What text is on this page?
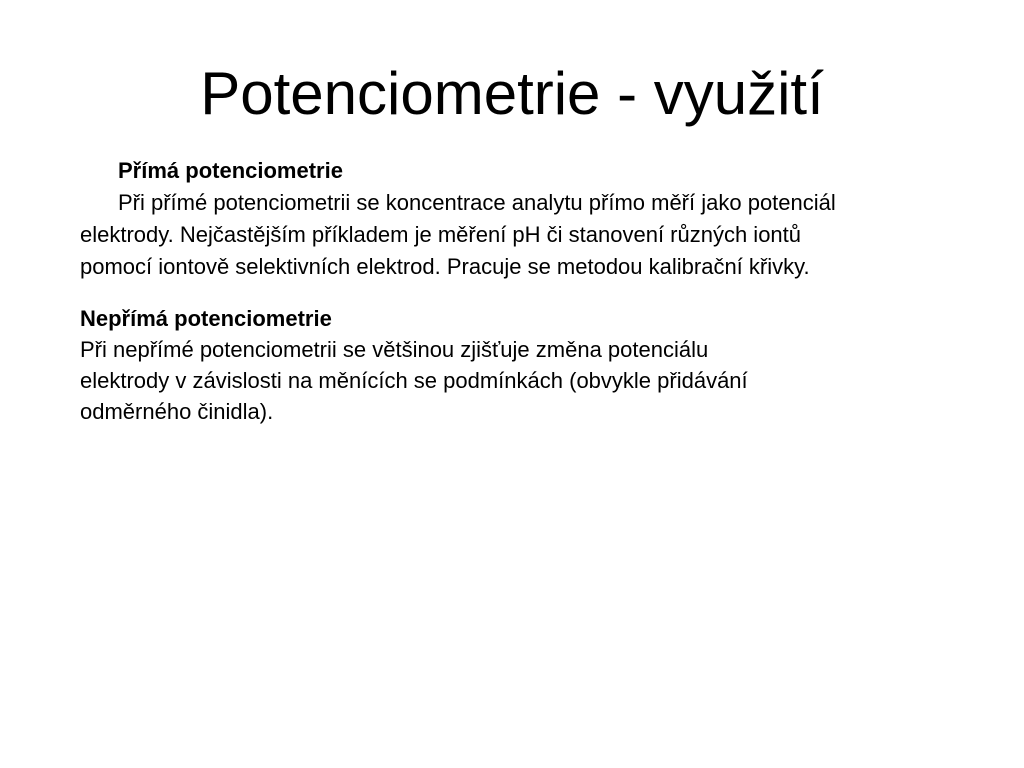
Potenciometrie - využití
Přímá potenciometrie
Při přímé potenciometrii se koncentrace analytu přímo měří jako potenciál
elektrody. Nejčastějším příkladem je měření pH či stanovení různých iontů
pomocí iontově selektivních elektrod. Pracuje se metodou kalibrační křivky.
Nepřímá potenciometrie
Při nepřímé potenciometrii se většinou zjišťuje změna potenciálu
elektrody v závislosti na měnících se podmínkách (obvykle přidávání
odměrného činidla).
